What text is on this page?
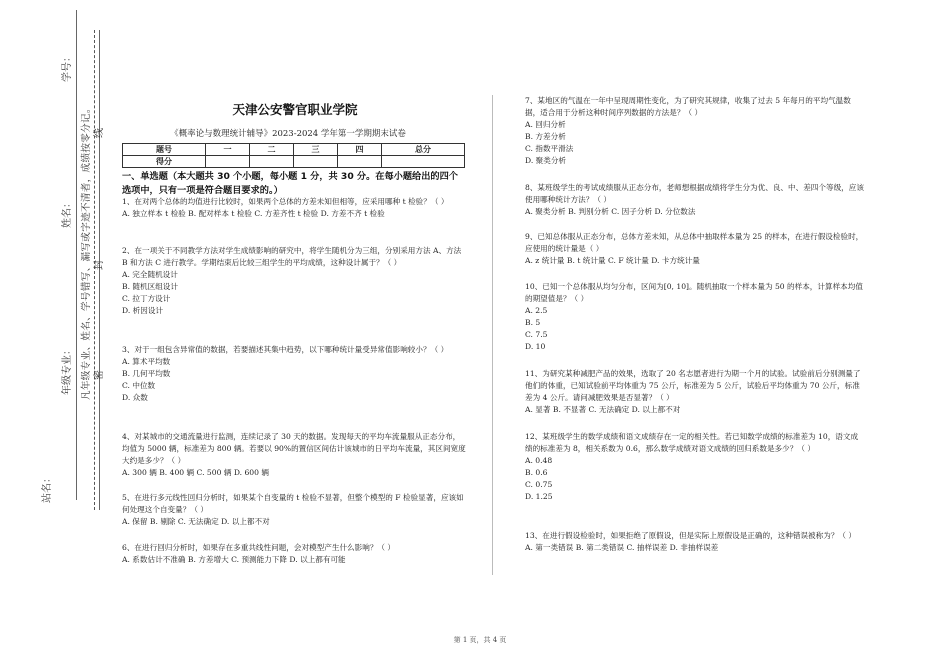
学号：
姓名：
年级专业：
站名：
凡年级专业、姓名、学号错写、漏写或字迹不清者，成绩按零分记。 密
封
线
天津公安警官职业学院
《概率论与数理统计辅导》2023-2024 学年第一学期期末试卷
题号	一	二	三	四	总分
得分					
一、单选题（本大题共 30 个小题，每小题 1 分，共 30 分。在每小题给出的四个选项中，只有一项是符合题目要求的。）
1、在对两个总体的均值进行比较时，如果两个总体的方差未知但相等，应采用哪种 t 检验？（ ）
A. 独立样本 t 检验 B. 配对样本 t 检验 C. 方差齐性 t 检验 D. 方差不齐 t 检验
2、在一项关于不同教学方法对学生成绩影响的研究中，将学生随机分为三组，分别采用方法 A、方法 B 和方法 C 进行教学。学期结束后比较三组学生的平均成绩，这种设计属于？（ ）
A. 完全随机设计
B. 随机区组设计
C. 拉丁方设计
D. 析因设计
3、对于一组包含异常值的数据，若要描述其集中趋势，以下哪种统计量受异常值影响较小？（ ）
A. 算术平均数
B. 几何平均数
C. 中位数
D. 众数
4、对某城市的交通流量进行监测，连续记录了 30 天的数据。发现每天的平均车流量服从正态分布，均值为 5000 辆，标准差为 800 辆。若要以 90%的置信区间估计该城市的日平均车流量，其区间宽度大约是多少？（ ）
A. 300 辆 B. 400 辆 C. 500 辆 D. 600 辆
5、在进行多元线性回归分析时，如果某个自变量的 t 检验不显著，但整个模型的 F 检验显著，应该如何处理这个自变量？（ ）
A. 保留 B. 剔除 C. 无法确定 D. 以上都不对
6、在进行回归分析时，如果存在多重共线性问题，会对模型产生什么影响？（ ）
A. 系数估计不准确 B. 方差增大 C. 预测能力下降 D. 以上都有可能
7、某地区的气温在一年中呈现周期性变化，为了研究其规律，收集了过去 5 年每月的平均气温数据，适合用于分析这种时间序列数据的方法是？（ ）
A. 回归分析
B. 方差分析
C. 指数平滑法
D. 聚类分析
8、某班级学生的考试成绩服从正态分布，老师想根据成绩将学生分为优、良、中、差四个等级，应该使用哪种统计方法？（ ）
A. 聚类分析 B. 判别分析 C. 因子分析 D. 分位数法
9、已知总体服从正态分布，总体方差未知，从总体中抽取样本量为 25 的样本，在进行假设检验时，应使用的统计量是（ ）
A. z 统计量 B. t 统计量 C. F 统计量 D. 卡方统计量
10、已知一个总体服从均匀分布，区间为[0, 10]。随机抽取一个样本量为 50 的样本，计算样本均值的期望值是？（ ）
A. 2.5
B. 5
C. 7.5
D. 10
11、为研究某种减肥产品的效果，选取了 20 名志愿者进行为期一个月的试验。试验前后分别测量了他们的体重，已知试验前平均体重为 75 公斤，标准差为 5 公斤，试验后平均体重为 70 公斤，标准差为 4 公斤。请问减肥效果是否显著？（ ）
A. 显著 B. 不显著 C. 无法确定 D. 以上都不对
12、某班级学生的数学成绩和语文成绩存在一定的相关性。若已知数学成绩的标准差为 10，语文成绩的标准差为 8，相关系数为 0.6，那么数学成绩对语文成绩的回归系数是多少？（ ）
A. 0.48
B. 0.6
C. 0.75
D. 1.25
13、在进行假设检验时，如果拒绝了原假设，但是实际上原假设是正确的，这种错误被称为？（ ）
A. 第一类错误 B. 第二类错误 C. 抽样误差 D. 非抽样误差
第 1 页，共 4 页
